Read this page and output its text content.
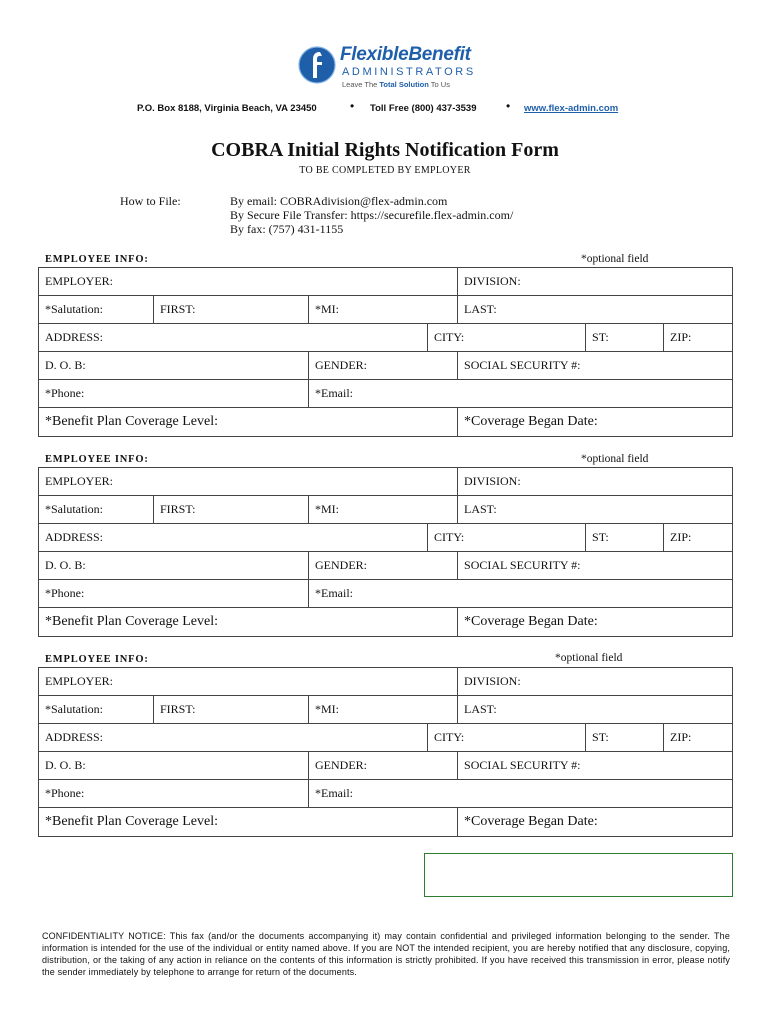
FlexibleBenefit
ADMINISTRATORS
Leave The Total Solution To Us
P.O. Box 8188, Virginia Beach, VA 23450	• Toll Free (800) 437-3539 • www.flex-admin.com
COBRA Initial Rights Notification Form
TO BE COMPLETED BY EMPLOYER
How to File:	By email: COBRAdivision@flex-admin.com
By Secure File Transfer: https://securefile.flex-admin.com/
By fax: (757) 431-1155
EMPLOYEE INFO:	*optional field
EMPLOYER:				DIVISION:		
*Salutation:	FIRST:	*MI:		LAST:		
ADDRESS:			CITY:		ST:	ZIP:
D. O. B:		GENDER:		SOCIAL SECURITY #:		
*Phone:		*Email:				
*Benefit Plan Coverage Level:				*Coverage Began Date:		
EMPLOYEE INFO:	*optional field
EMPLOYER:				DIVISION:		
*Salutation:	FIRST:	*MI:		LAST:		
ADDRESS:			CITY:		ST:	ZIP:
D. O. B:		GENDER:		SOCIAL SECURITY #:		
*Phone:		*Email:				
*Benefit Plan Coverage Level:				*Coverage Began Date:		
EMPLOYEE INFO:	*optional field
EMPLOYER:				DIVISION:		
*Salutation:	FIRST:	*MI:		LAST:		
ADDRESS:			CITY:		ST:	ZIP:
D. O. B:		GENDER:		SOCIAL SECURITY #:		
*Phone:		*Email:				
*Benefit Plan Coverage Level:				*Coverage Began Date:		
CONFIDENTIALITY NOTICE: This fax (and/or the documents accompanying it) may contain confidential and privileged information belonging to the sender. The information is intended for the use of the individual or entity named above. If you are NOT the intended recipient, you are hereby notified that any disclosure, copying, distribution, or the taking of any action in reliance on the contents of this information is strictly prohibited. If you have received this transmission in error, please notify the sender immediately by telephone to arrange for return of the documents.
